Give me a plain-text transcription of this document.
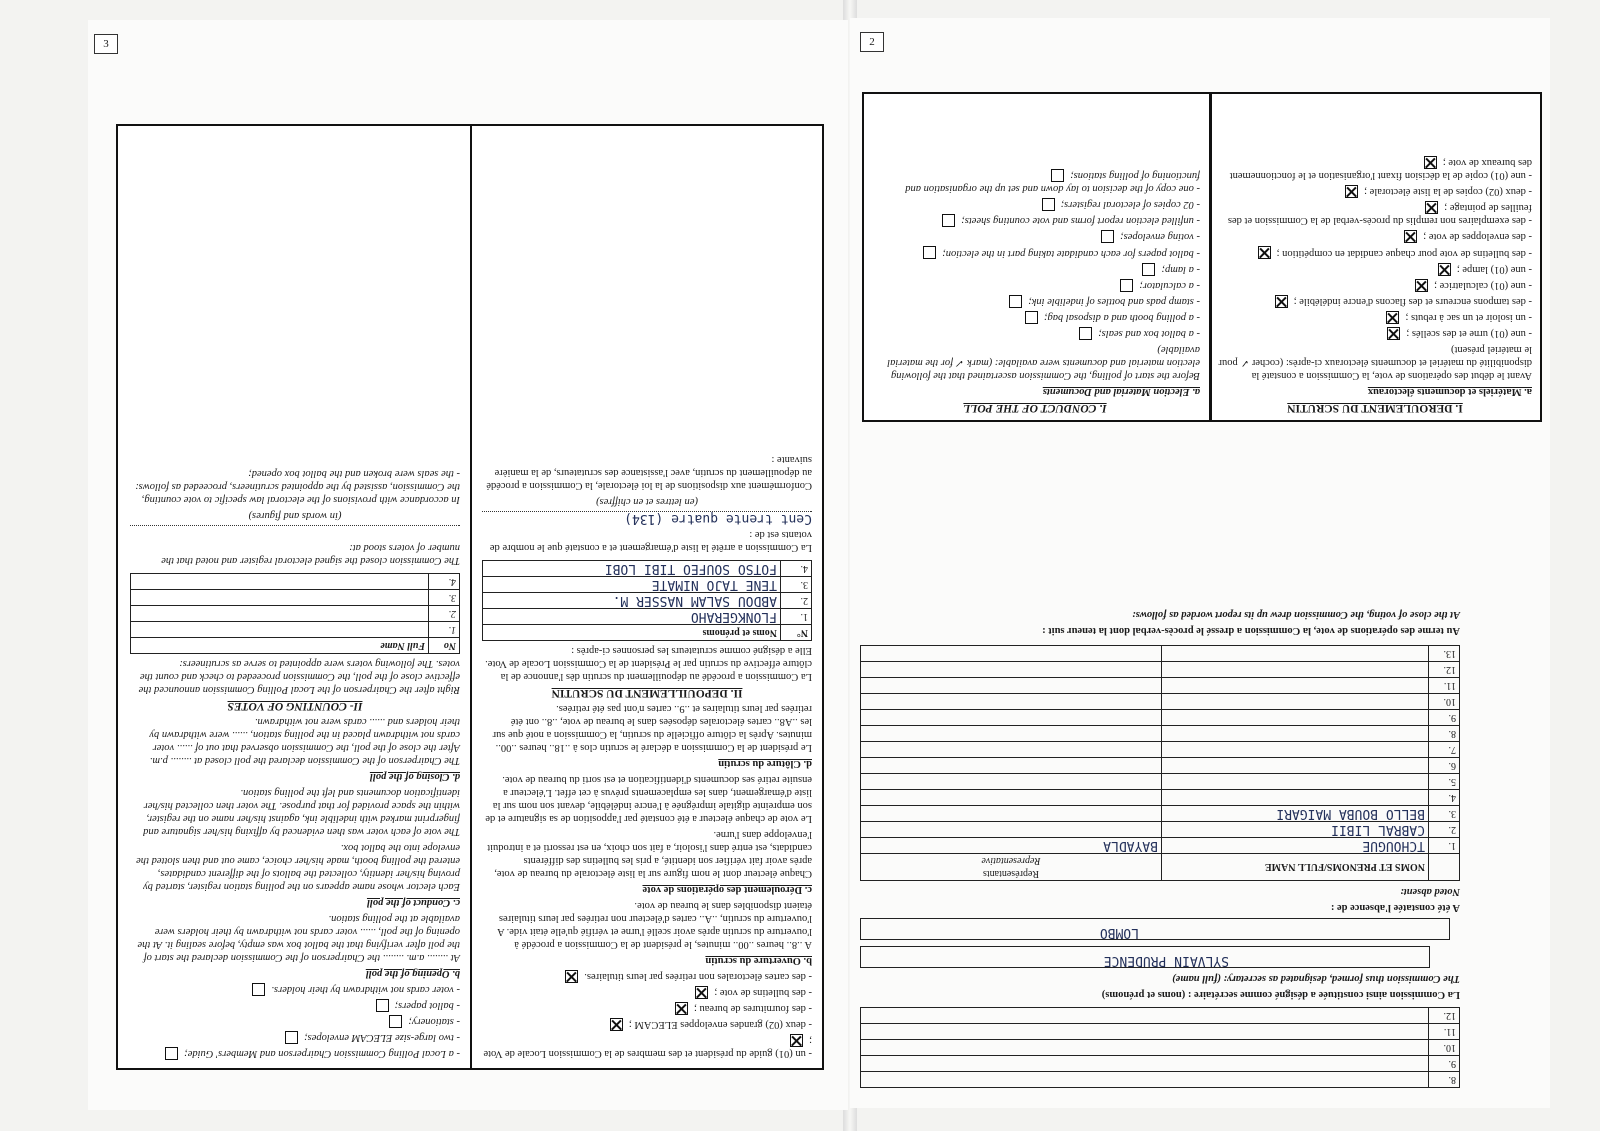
3

- un (01) guide du président et des membres de la Commission Locale de Vote ;

- deux (02) grandes enveloppes ELECAM ;

- des fournitures de bureau ;

- des bulletins de vote ;

- des cartes électorales non retirées par leurs titulaires.

b. Ouverture du scrutin

A ..8.. heures ..00.. minutes, le président de la Commission a procédé à l'ouverture du scrutin après avoir scellé l'urne et vérifié qu'elle était vide. A l'ouverture du scrutin, ..A.. cartes d'électeur non retirées par leurs titulaires étaient disponibles dans le bureau de vote.

c. Déroulement des opérations de vote

Chaque électeur dont le nom figure sur la liste électorale du bureau de vote, après avoir fait vérifier son identité, a pris les bulletins des différents candidats, est entré dans l'isoloir, a fait son choix, en est ressorti et a introduit l'enveloppe dans l'urne.

Le vote de chaque électeur a été constaté par l'apposition de sa signature et de son empreinte digitale imprégnée à l'encre indélébile, devant son nom sur la liste d'émargement, dans les emplacements prévus à cet effet. L'électeur a ensuite retiré ses documents d'identification et est sorti du bureau de vote.

d. Clôture du scrutin

Le président de la Commission a déclaré le scrutin clos à ..18.. heures ..00.. minutes. Après la clôture officielle du scrutin, la Commission a noté que sur les ..A8.. cartes électorales déposées dans le bureau de vote, ..8.. ont été retirées par leurs titulaires et ..9.. cartes n'ont pas été retirées.

II. DEPOUILLEMENT DU SCRUTIN

La Commission a procédé au dépouillement du scrutin dès l'annonce de la clôture effective du scrutin par le Président de la Commission Locale de Vote. Elle a désigné comme scrutateurs les personnes ci-après :

N°	Noms et prénoms
1.	FLONKGERAHO
2.	ABDOU SALAM NASSER M.
3.	TENE TAJO NIMATE
4.	FOTSO SOUFEO TIBI LOBI

La Commission a arrêté la liste d'émargement et a constaté que le nombre de votants est de :

Cent trente quatre (134)

(en lettres et en chiffres)

Conformément aux dispositions de la loi électorale, la Commission a procédé au dépouillement du scrutin, avec l'assistance des scrutateurs, de la manière suivante :

- a Local Polling Commission Chairperson and Members' Guide;

- two large-size ELECAM envelopes;

- stationery;

- ballot papers;

- voter cards not withdrawn by their holders.

b. Opening of the poll

At ........ a.m. ........ the Chairperson of the Commission declared the start of the poll after verifying that the ballot box was empty, before sealing it. At the opening of the poll, ...... voter cards not withdrawn by their holders were available at the polling station.

c. Conduct of the poll

Each elector whose name appears on the polling station register, started by proving his/her identity, collected the ballots of the different candidates, entered the polling booth, made his/her choice, came out and then slotted the envelope into the ballot box.

The vote of each voter was then evidenced by affixing his/her signature and fingerprint marked with indelible ink, against his/her name on the register, within the space provided for that purpose. The voter then collected his/her identification documents and left the polling station.

d. Closing of the poll

The Chairperson of the Commission declared the poll closed at ........ p.m. After the close of the poll, the Commission observed that out of ...... voter cards not withdrawn placed in the polling station, ...... were withdrawn by their holders and ...... cards were not withdrawn.

II- COUNTING OF VOTES

Right after the Chairperson of the Local Polling Commission announced the effective close of the poll, the Commission proceeded to check and count the votes. The following voters were appointed to serve as scrutineers:

No	Full Name
1.	
2.	
3.	
4.	

The Commission closed the signed electoral register and noted that the number of voters stood at:

(in words and figures)

In accordance with provisions of the electoral law specific to vote counting, the Commission, assisted by the appointed scrutineers, proceeded as follows: - the seals were broken and the ballot box opened;

2
8.	
9.	
10.	
11.	
12.	

La Commission ainsi constituée a désigné comme secrétaire : (noms et prénoms)

The Commission thus formed, designated as secretary: (full name)

SYLVAIN PRUDENCE
LOMBO

A été constatée l'absence de :

Noted absent:

	NOMS ET PRENOMS/FULL NAME	Représentants
Representative
1.	TCHOUGUE	BAYADLA
2.	CABRAL LIBII	
3.	BELLO BOUBA MAIGARI	
4.		
5.		
6.		
7.		
8.		
9.		
10.		
11.		
12.		
13.		

Au terme des opérations de vote, la Commission a dressé le procès-verbal dont la teneur suit :

At the close of voting, the Commission drew up its report worded as follows:

I. DEROULEMENT DU SCRUTIN

a. Matériels et documents électoraux

Avant le début des opérations de vote, la Commission a constaté la disponibilité du matériel et documents électoraux ci-après: (cocher ✓ pour le matériel présent)

- une (01) urne et des scellés ;

- un isoloir et un sac à rebuts ;

- des tampons encreurs et des flacons d'encre indélébile ;

- une (01) calculatrice ;

- une (01) lampe ;

- des bulletins de vote pour chaque candidat en compétition ;

- des enveloppes de vote ;

- des exemplaires non remplis du procès-verbal de la Commission et des feuilles de pointage ;

- deux (02) copies de la liste électorale ;

- une (01) copie de la décision fixant l'organisation et le fonctionnement des bureaux de vote ;

I. CONDUCT OF THE POLL

a. Election Material and Documents

Before the start of polling, the Commission ascertained that the following election material and documents were available: (mark ✓ for the material available)

- a ballot box and seals;

- a polling booth and a disposal bag;

- stamp pads and bottles of indelible ink;

- a calculator;

- a lamp;

- ballot papers for each candidate taking part in the election;

- voting envelopes;

- unfilled election report forms and vote counting sheets;

- 02 copies of electoral registers;

- one copy of the decision to lay down and set up the organisation and functioning of polling stations;
